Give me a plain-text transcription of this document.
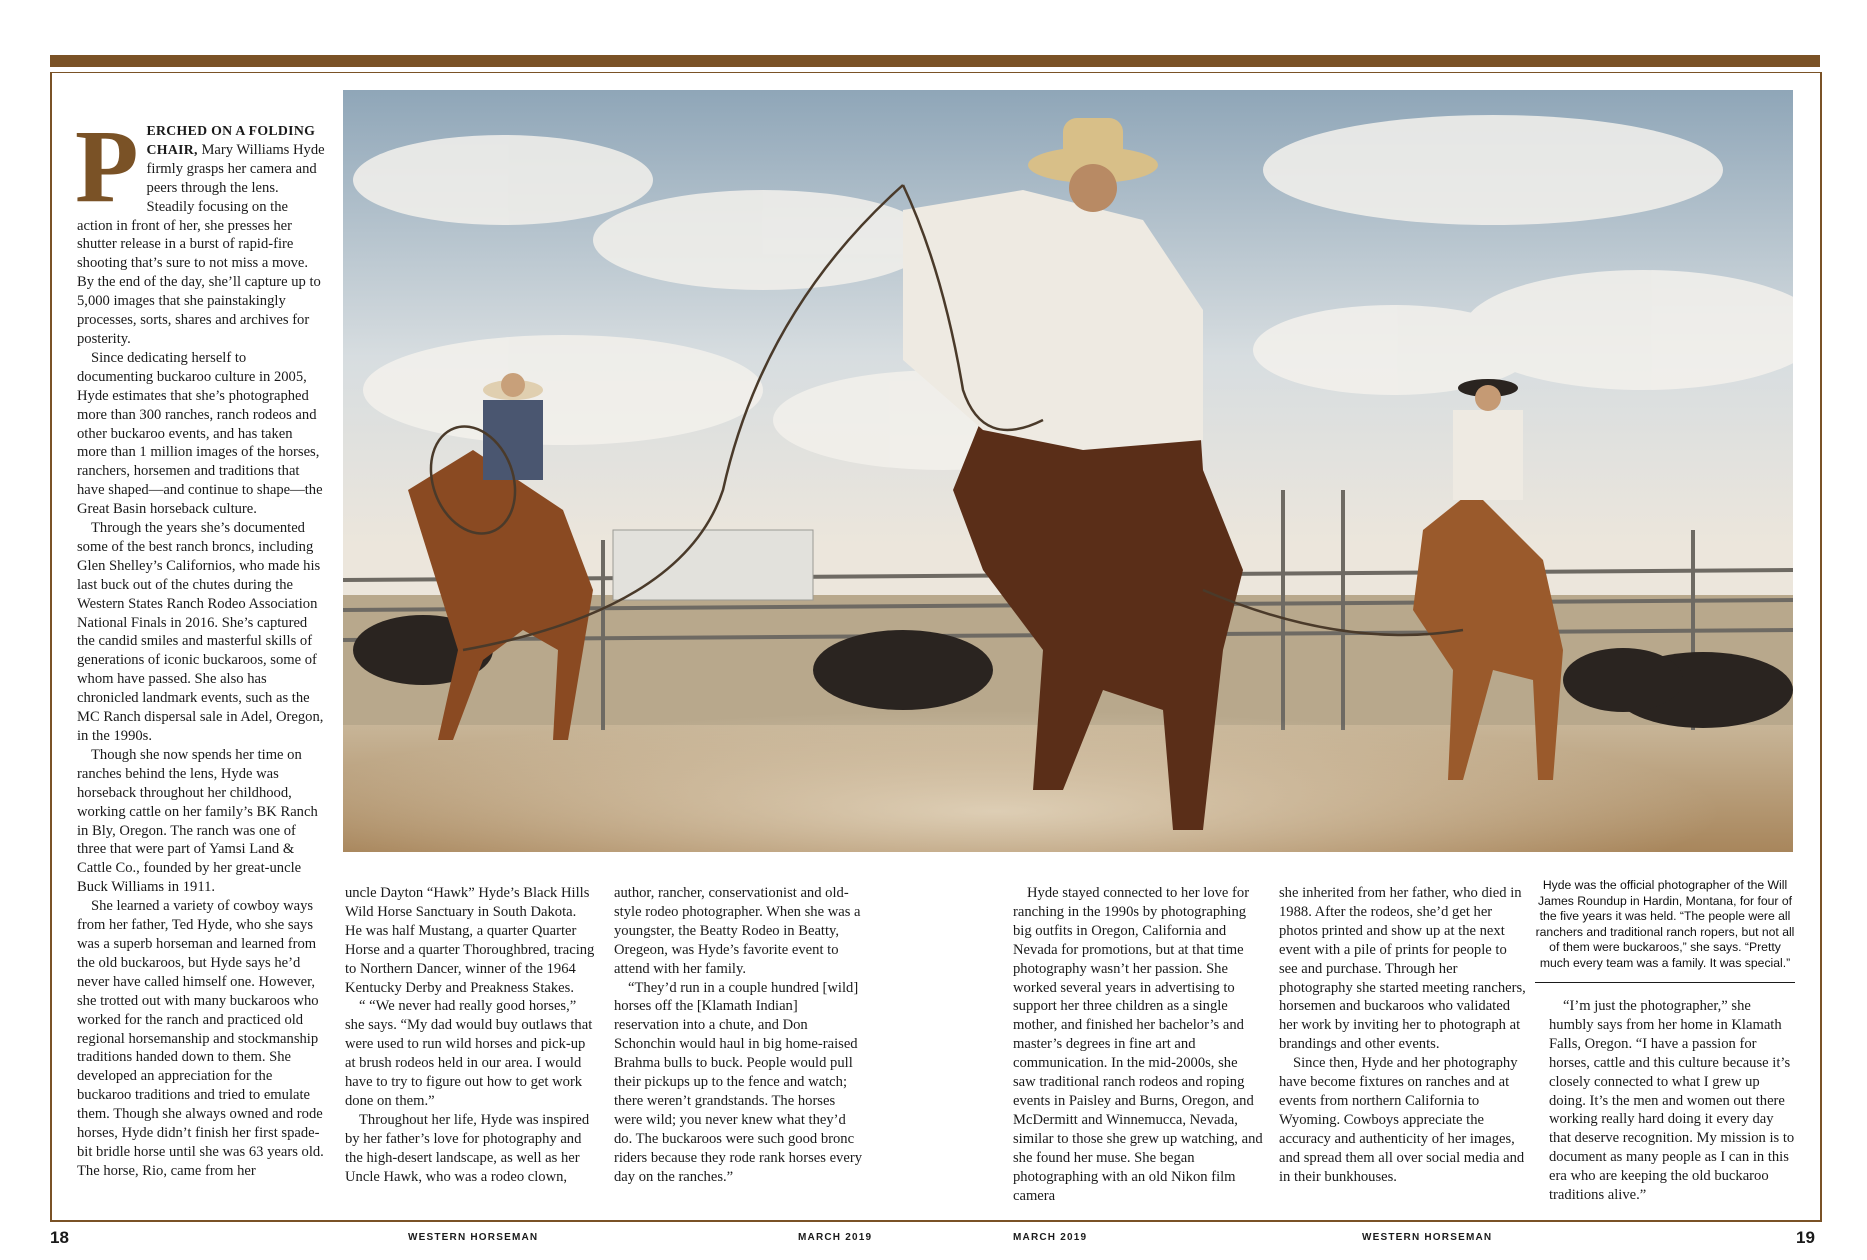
PERCHED ON A FOLDING CHAIR, Mary Williams Hyde firmly grasps her camera and peers through the lens. Steadily focusing on the action in front of her, she presses her shutter release in a burst of rapid-fire shooting that’s sure to not miss a move. By the end of the day, she’ll capture up to 5,000 images that she painstakingly processes, sorts, shares and archives for posterity.

Since dedicating herself to documenting buckaroo culture in 2005, Hyde estimates that she’s photographed more than 300 ranches, ranch rodeos and other buckaroo events, and has taken more than 1 million images of the horses, ranchers, horsemen and traditions that have shaped—and continue to shape—the Great Basin horseback culture.

Through the years she’s documented some of the best ranch broncs, including Glen Shelley’s Californios, who made his last buck out of the chutes during the Western States Ranch Rodeo Association National Finals in 2016. She’s captured the candid smiles and masterful skills of generations of iconic buckaroos, some of whom have passed. She also has chronicled landmark events, such as the MC Ranch dispersal sale in Adel, Oregon, in the 1990s.

Though she now spends her time on ranches behind the lens, Hyde was horseback throughout her childhood, working cattle on her family’s BK Ranch in Bly, Oregon. The ranch was one of three that were part of Yamsi Land & Cattle Co., founded by her great-uncle Buck Williams in 1911.

She learned a variety of cowboy ways from her father, Ted Hyde, who she says was a superb horseman and learned from the old buckaroos, but Hyde says he’d never have called himself one. However, she trotted out with many buckaroos who worked for the ranch and practiced old regional horsemanship and stockmanship traditions handed down to them. She developed an appreciation for the buckaroo traditions and tried to emulate them. Though she always owned and rode horses, Hyde didn’t finish her first spade-bit bridle horse until she was 63 years old. The horse, Rio, came from her

uncle Dayton “Hawk” Hyde’s Black Hills Wild Horse Sanctuary in South Dakota. He was half Mustang, a quarter Quarter Horse and a quarter Thoroughbred, tracing to Northern Dancer, winner of the 1964 Kentucky Derby and Preakness Stakes.

“ “We never had really good horses,” she says. “My dad would buy outlaws that were used to run wild horses and pick-up at brush rodeos held in our area. I would have to try to figure out how to get work done on them.”

Throughout her life, Hyde was inspired by her father’s love for photography and the high-desert landscape, as well as her Uncle Hawk, who was a rodeo clown,

author, rancher, conservationist and old-style rodeo photographer. When she was a youngster, the Beatty Rodeo in Beatty, Oregeon, was Hyde’s favorite event to attend with her family.

“They’d run in a couple hundred [wild] horses off the [Klamath Indian] reservation into a chute, and Don Schonchin would haul in big home-raised Brahma bulls to buck. People would pull their pickups up to the fence and watch; there weren’t grandstands. The horses were wild; you never knew what they’d do. The buckaroos were such good bronc riders because they rode rank horses every day on the ranches.”

Hyde stayed connected to her love for ranching in the 1990s by photographing big outfits in Oregon, California and Nevada for promotions, but at that time photography wasn’t her passion. She worked several years in advertising to support her three children as a single mother, and finished her bachelor’s and master’s degrees in fine art and communication. In the mid-2000s, she saw traditional ranch rodeos and roping events in Paisley and Burns, Oregon, and McDermitt and Winnemucca, Nevada, similar to those she grew up watching, and she found her muse. She began photographing with an old Nikon film camera

she inherited from her father, who died in 1988. After the rodeos, she’d get her photos printed and show up at the next event with a pile of prints for people to see and purchase. Through her photography she started meeting ranchers, horsemen and buckaroos who validated her work by inviting her to photograph at brandings and other events.

Since then, Hyde and her photography have become fixtures on ranches and at events from northern California to Wyoming. Cowboys appreciate the accuracy and authenticity of her images, and spread them all over social media and in their bunkhouses.

Hyde was the official photographer of the Will James Roundup in Hardin, Montana, for four of the five years it was held. “The people were all ranchers and traditional ranch ropers, but not all of them were buckaroos,” she says. “Pretty much every team was a family. It was special.”

“I’m just the photographer,” she humbly says from her home in Klamath Falls, Oregon. “I have a passion for horses, cattle and this culture because it’s closely connected to what I grew up doing. It’s the men and women out there working really hard doing it every day that deserve recognition. My mission is to document as many people as I can in this era who are keeping the old buckaroo traditions alive.”

18	WESTERN HORSEMAN	MARCH 2019	MARCH 2019	WESTERN HORSEMAN	19
